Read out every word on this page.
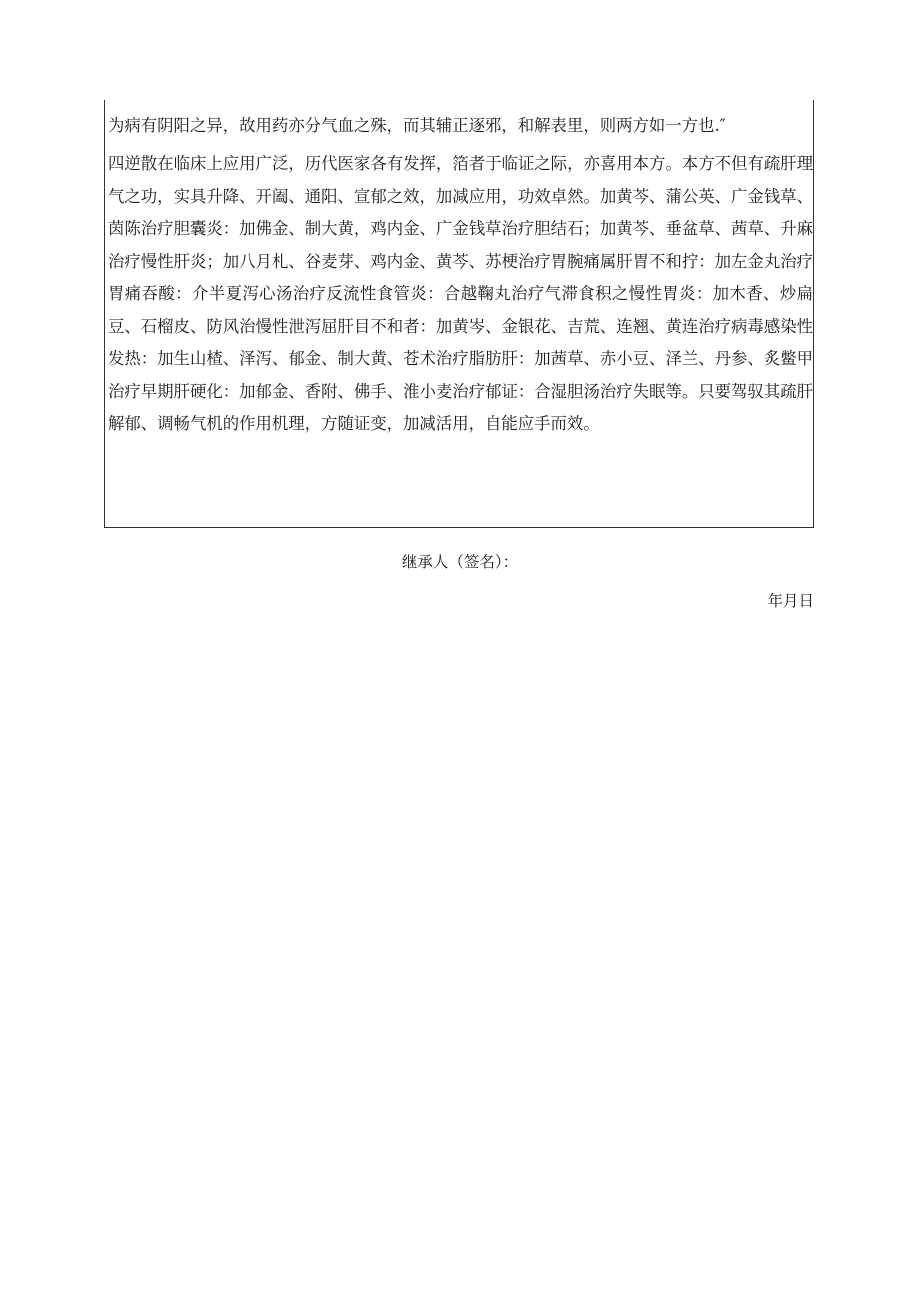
为病有阴阳之异，故用药亦分气血之殊，而其辅正逐邪，和解表里，则两方如一方也.″

四逆散在临床上应用广泛，历代医家各有发挥，箔者于临证之际，亦喜用本方。本方不但有疏肝理气之功，实具升降、开阖、通阳、宣郁之效，加减应用，功效卓然。加黄芩、蒲公英、广金钱草、茵陈治疗胆囊炎：加佛金、制大黄，鸡内金、广金钱草治疗胆结石；加黄芩、垂盆草、茜草、升麻治疗慢性肝炎；加八月札、谷麦芽、鸡内金、黄芩、苏梗治疗胃腕痛属肝胃不和拧：加左金丸治疗胃痛吞酸：介半夏泻心汤治疗反流性食管炎：合越鞠丸治疗气滞食积之慢性胃炎：加木香、炒扁豆、石榴皮、防风治慢性泄泻屈肝目不和者：加黄岑、金银花、吉荒、连翘、黄连治疗病毒感染性发热：加生山楂、泽泻、郁金、制大黄、苍术治疗脂肪肝：加茜草、赤小豆、泽兰、丹参、炙鳖甲治疗早期肝硬化：加郁金、香附、佛手、淮小麦治疗郁证：合湿胆汤治疗失眠等。只要驾驭其疏肝解郁、调畅气机的作用机理，方随证变，加减活用，自能应手而效。

继承人（签名）：
年月日
